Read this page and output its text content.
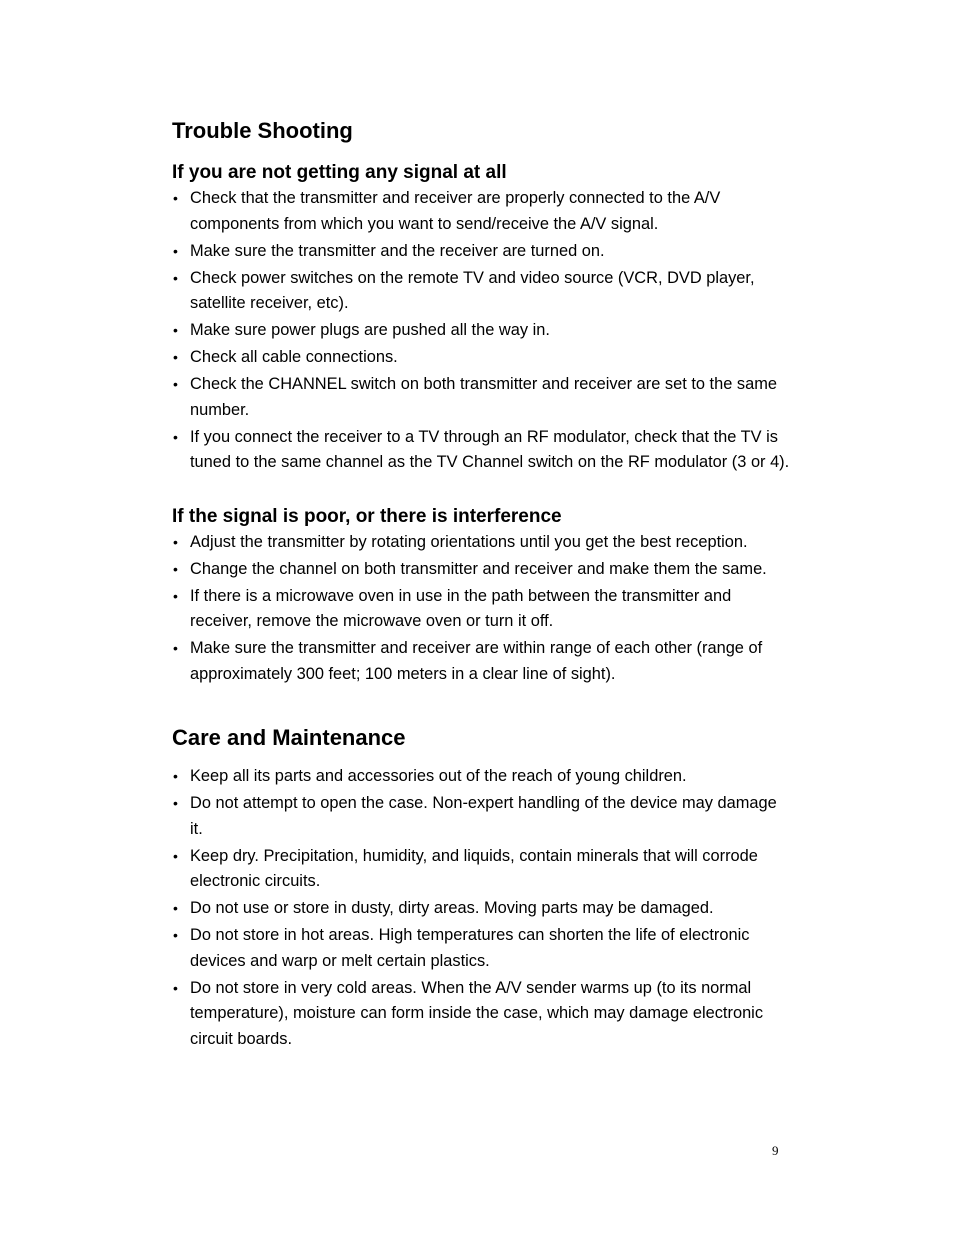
Trouble Shooting
If you are not getting any signal at all
• Check that the transmitter and receiver are properly connected to the A/V components from which you want to send/receive the A/V signal.
• Make sure the transmitter and the receiver are turned on.
• Check power switches on the remote TV and video source (VCR, DVD player, satellite receiver, etc).
• Make sure power plugs are pushed all the way in.
• Check all cable connections.
• Check the CHANNEL switch on both transmitter and receiver are set to the same number.
• If you connect the receiver to a TV through an RF modulator, check that the TV is tuned to the same channel as the TV Channel switch on the RF modulator (3 or 4).
If the signal is poor, or there is interference
• Adjust the transmitter by rotating orientations until you get the best reception.
• Change the channel on both transmitter and receiver and make them the same.
• If there is a microwave oven in use in the path between the transmitter and receiver, remove the microwave oven or turn it off.
• Make sure the transmitter and receiver are within range of each other (range of approximately 300 feet; 100 meters in a clear line of sight).
Care and Maintenance
• Keep all its parts and accessories out of the reach of young children.
• Do not attempt to open the case. Non-expert handling of the device may damage it.
• Keep dry. Precipitation, humidity, and liquids, contain minerals that will corrode electronic circuits.
• Do not use or store in dusty, dirty areas. Moving parts may be damaged.
• Do not store in hot areas. High temperatures can shorten the life of electronic devices and warp or melt certain plastics.
• Do not store in very cold areas. When the A/V sender warms up (to its normal temperature), moisture can form inside the case, which may damage electronic circuit boards.
9
